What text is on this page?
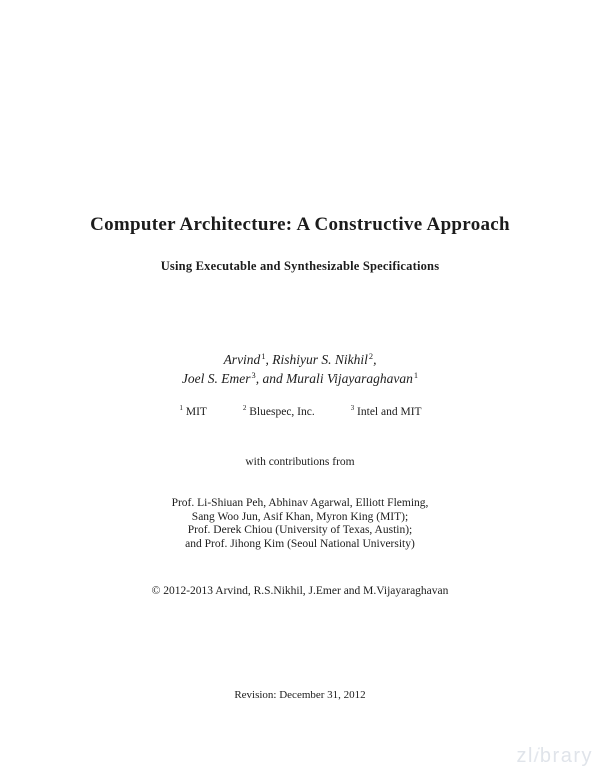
Computer Architecture: A Constructive Approach
Using Executable and Synthesizable Specifications
Arvind$^1$, Rishiyur S. Nikhil$^2$,
Joel S. Emer$^3$, and Murali Vijayaraghavan$^1$
$^1$ MIT	$^2$ Bluespec, Inc.	$^3$ Intel and MIT
with contributions from
Prof. Li-Shiuan Peh, Abhinav Agarwal, Elliott Fleming,
Sang Woo Jun, Asif Khan, Myron King (MIT);
Prof. Derek Chiou (University of Texas, Austin);
and Prof. Jihong Kim (Seoul National University)
© 2012-2013 Arvind, R.S.Nikhil, J.Emer and M.Vijayaraghavan
Revision: December 31, 2012
zlibrary
